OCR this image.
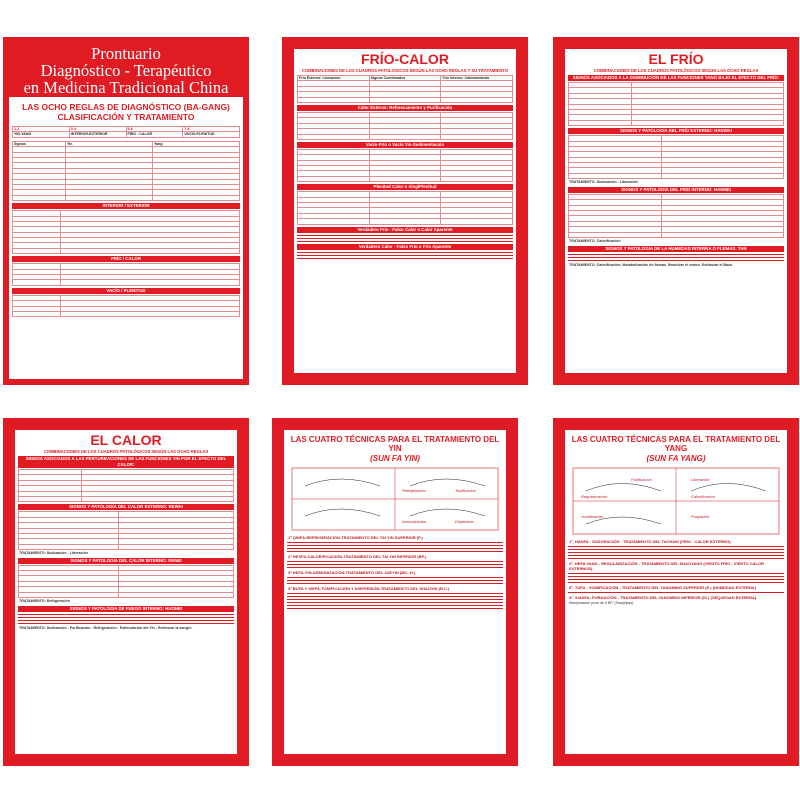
Prontuario
Diagnóstico - Terapéutico
en Medicina Tradicional China
LAS OCHO REGLAS DE DIAGNÓSTICO (BA-GANG)
CLASIFICACIÓN Y TRATAMIENTO
1-2	3-4	5-6	7-8
YIN-YANG	INTERIOR-EXTERIOR	FRÍO - CALOR	VACÍO-PLENITUD
Signos	Yin	Yang

INTERIOR / EXTERIOR

FRÍO / CALOR

VACÍO / PLENITUD

FRÍO-CALOR
COMBINACIONES DE LOS CUADROS PATOLÓGICOS SEGÚN LAS OCHO REGLAS Y SU TRATAMIENTO
Frío Externo: Liberación	Signos Combinados	Frío Interno: Calentamiento

Calor Externo: Refrescamiento y Purificación

Vacío-Frío o Vacío Yin-Sedimentación

Plenitud Calor o Xing/Plenitud

Verdadero Frío - Falso Calor o Calor Aparente
Verdadero Calor - Falso Frío o Frío Aparente
EL FRÍO
COMBINACIONES DE LOS CUADROS PATOLÓGICOS SEGÚN LAS OCHO REGLAS
SIGNOS ASOCIADOS A LA DISMINUCIÓN DE LAS FUNCIONES YANG BAJO EL EFECTO DEL FRÍO:

SIGNOS Y PATOLOGÍA DEL FRÍO EXTERNO: HANWAI

TRATAMIENTO: Sudoración - Liberación
SIGNOS Y PATOLOGÍA DEL FRÍO INTERNO: HANNEI

TRATAMIENTO: Calorificación
SIGNOS Y PATOLOGÍA DE LA HUMEDAD INTERNA O FLEMAS: TAN
TRATAMIENTO: Calorificación. Metabolización de flemas. Reactivar el centro. Estimular el Bazo.
EL CALOR
COMBINACIONES DE LOS CUADROS PATOLÓGICOS SEGÚN LAS OCHO REGLAS
SIGNOS ASOCIADOS A LAS PERTURBACIONES DE LAS FUNCIONES YIN POR EL EFECTO DEL CALOR:

SIGNOS Y PATOLOGÍA DEL CALOR EXTERNO: REWAI

TRATAMIENTO: Sudoración - Liberación
SIGNOS Y PATOLOGÍA DEL CALOR INTERNO: RENEI

TRATAMIENTO: Refrigeración
SIGNOS Y PATOLOGÍA DE FUEGO INTERNO: HUONEI
TRATAMIENTO: Sudoración - Purificación - Refrigeración - Estimulación del Yin - Refrescar la sangre.
LAS CUATRO TÉCNICAS PARA EL TRATAMIENTO DEL YIN
(SUN FA YIN)
Refrigeración	Tonificación
Armonización	Dispersión
1º QINFA-REFRIGERACIÓN-TRATAMIENTO DEL TAI YIN SUPERIOR (P.)
2º HEXFA-CALORIFICACIÓN-TRATAMIENTO DEL TAI YIN INFERIOR (BP.)
3º HEFA-YIN-ARMONIZACIÓN-TRATAMIENTO DEL JUEYIN (MC.-H.)
4º BUFA Y XIEFA-TONIFICACIÓN Y DISPERSIÓN-TRATAMIENTO DEL SHAOYIN (R.C.)
LAS CUATRO TÉCNICAS PARA EL TRATAMIENTO DEL YANG
(SUN FA YANG)
Purificación	Liberación
Regularización	Calorificación
Vomificación	Purgación
1º. HANFA - SUDORACIÓN - TRATAMIENTO DEL TAIYANG (FRÍO - CALOR EXTERNO).
2º. HEFA YANG - REGULARIZACIÓN - TRATAMIENTO DEL SHAOYANG (VIENTO FRÍO - VIENTO CALOR EXTERNOS).
3º. TUFA - VOMIFICACIÓN - TRATAMIENTO DEL YANGMING SUPERIOR (E.) (HUMEDAD EXTERNA)
4º. XIADFA: PURGACIÓN - TRATAMIENTO DEL YANGMING INFERIOR (IG.) (SEQUEDAD EXTERNA).
Manipulación picar de 5 BP. (Sanyinjiao)
